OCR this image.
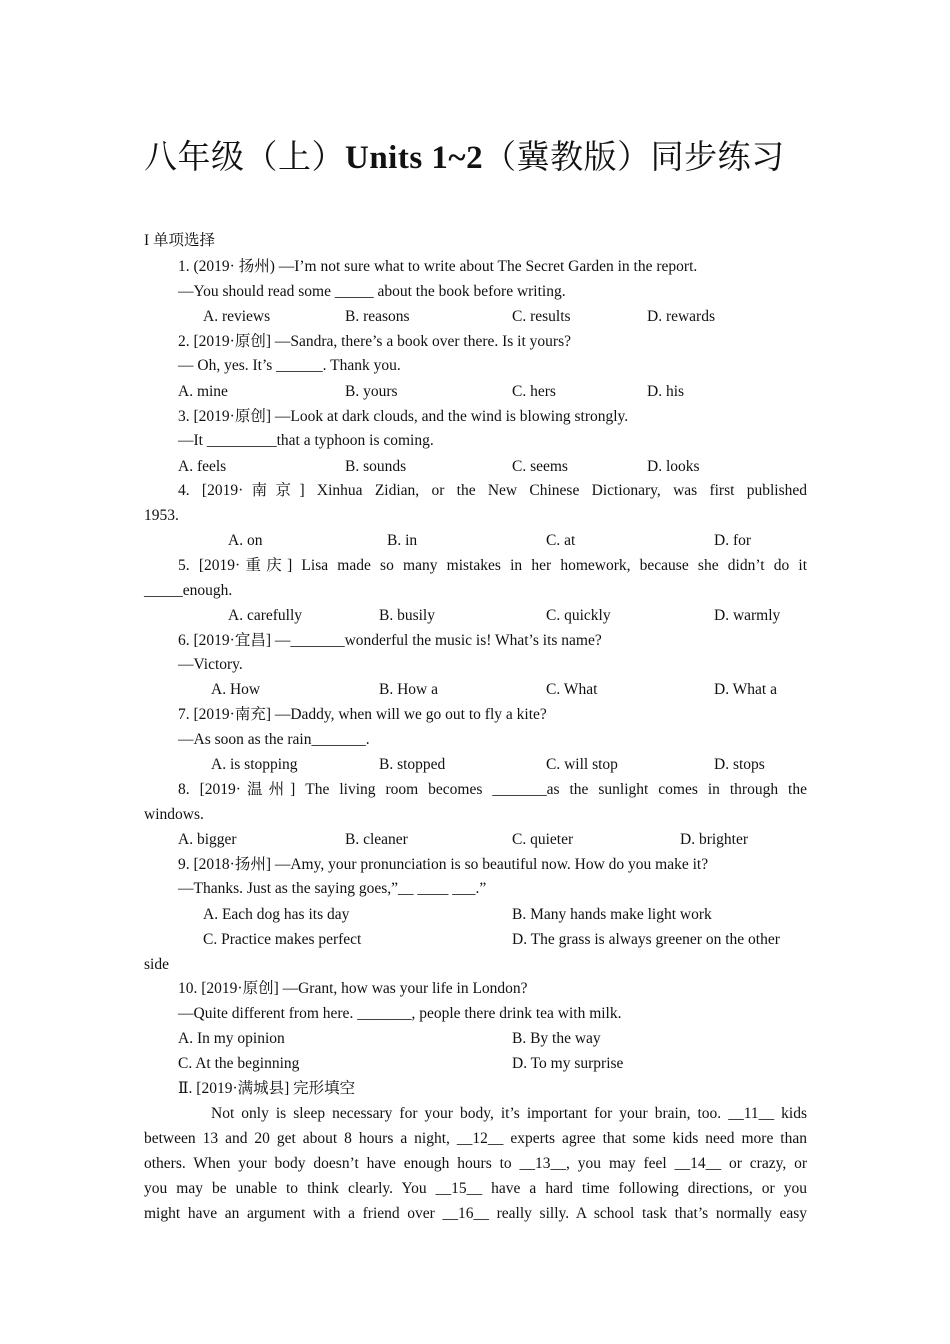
八年级（上）Units 1~2（冀教版）同步练习
I 单项选择
1. (2019· 扬州) —I’m not sure what to write about The Secret Garden in the report.
—You should read some _____ about the book before writing.
A. reviews	B. reasons	C. results	D. rewards
2. [2019·原创] —Sandra, there’s a book over there. Is it yours?
— Oh, yes. It’s ______. Thank you.
A. mine	B. yours	C. hers	D. his
3. [2019·原创] —Look at dark clouds, and the wind is blowing strongly.
—It _________that a typhoon is coming.
A. feels	B. sounds	C. seems	D. looks
4. [2019·南京] Xinhua Zidian, or the New Chinese Dictionary, was first published
1953.
A. on	B. in	C. at	D. for
5. [2019·重庆] Lisa made so many mistakes in her homework, because she didn’t do it
_____enough.
A. carefully	B. busily	C. quickly	D. warmly
6. [2019·宜昌] —_______wonderful the music is! What’s its name?
—Victory.
A. How	B. How a	C. What	D. What a
7. [2019·南充] —Daddy, when will we go out to fly a kite?
—As soon as the rain_______.
A. is stopping	B. stopped	C. will stop	D. stops
8. [2019·温州] The living room becomes _______as the sunlight comes in through the
windows.
A. bigger	B. cleaner	C. quieter	D. brighter
9. [2018·扬州] —Amy, your pronunciation is so beautiful now. How do you make it?
—Thanks. Just as the saying goes,”__ ____ ___.”
A. Each dog has its day	B. Many hands make light work
C. Practice makes perfect	D. The grass is always greener on the other
side
10. [2019·原创] —Grant, how was your life in London?
—Quite different from here. _______, people there drink tea with milk.
A. In my opinion	B. By the way
C. At the beginning	D. To my surprise
Ⅱ. [2019·满城县] 完形填空
Not only is sleep necessary for your body, it’s important for your brain, too. __11__ kids
between 13 and 20 get about 8 hours a night, __12__ experts agree that some kids need more than
others. When your body doesn’t have enough hours to __13__, you may feel __14__ or crazy, or
you may be unable to think clearly. You __15__ have a hard time following directions, or you
might have an argument with a friend over __16__ really silly. A school task that’s normally easy
